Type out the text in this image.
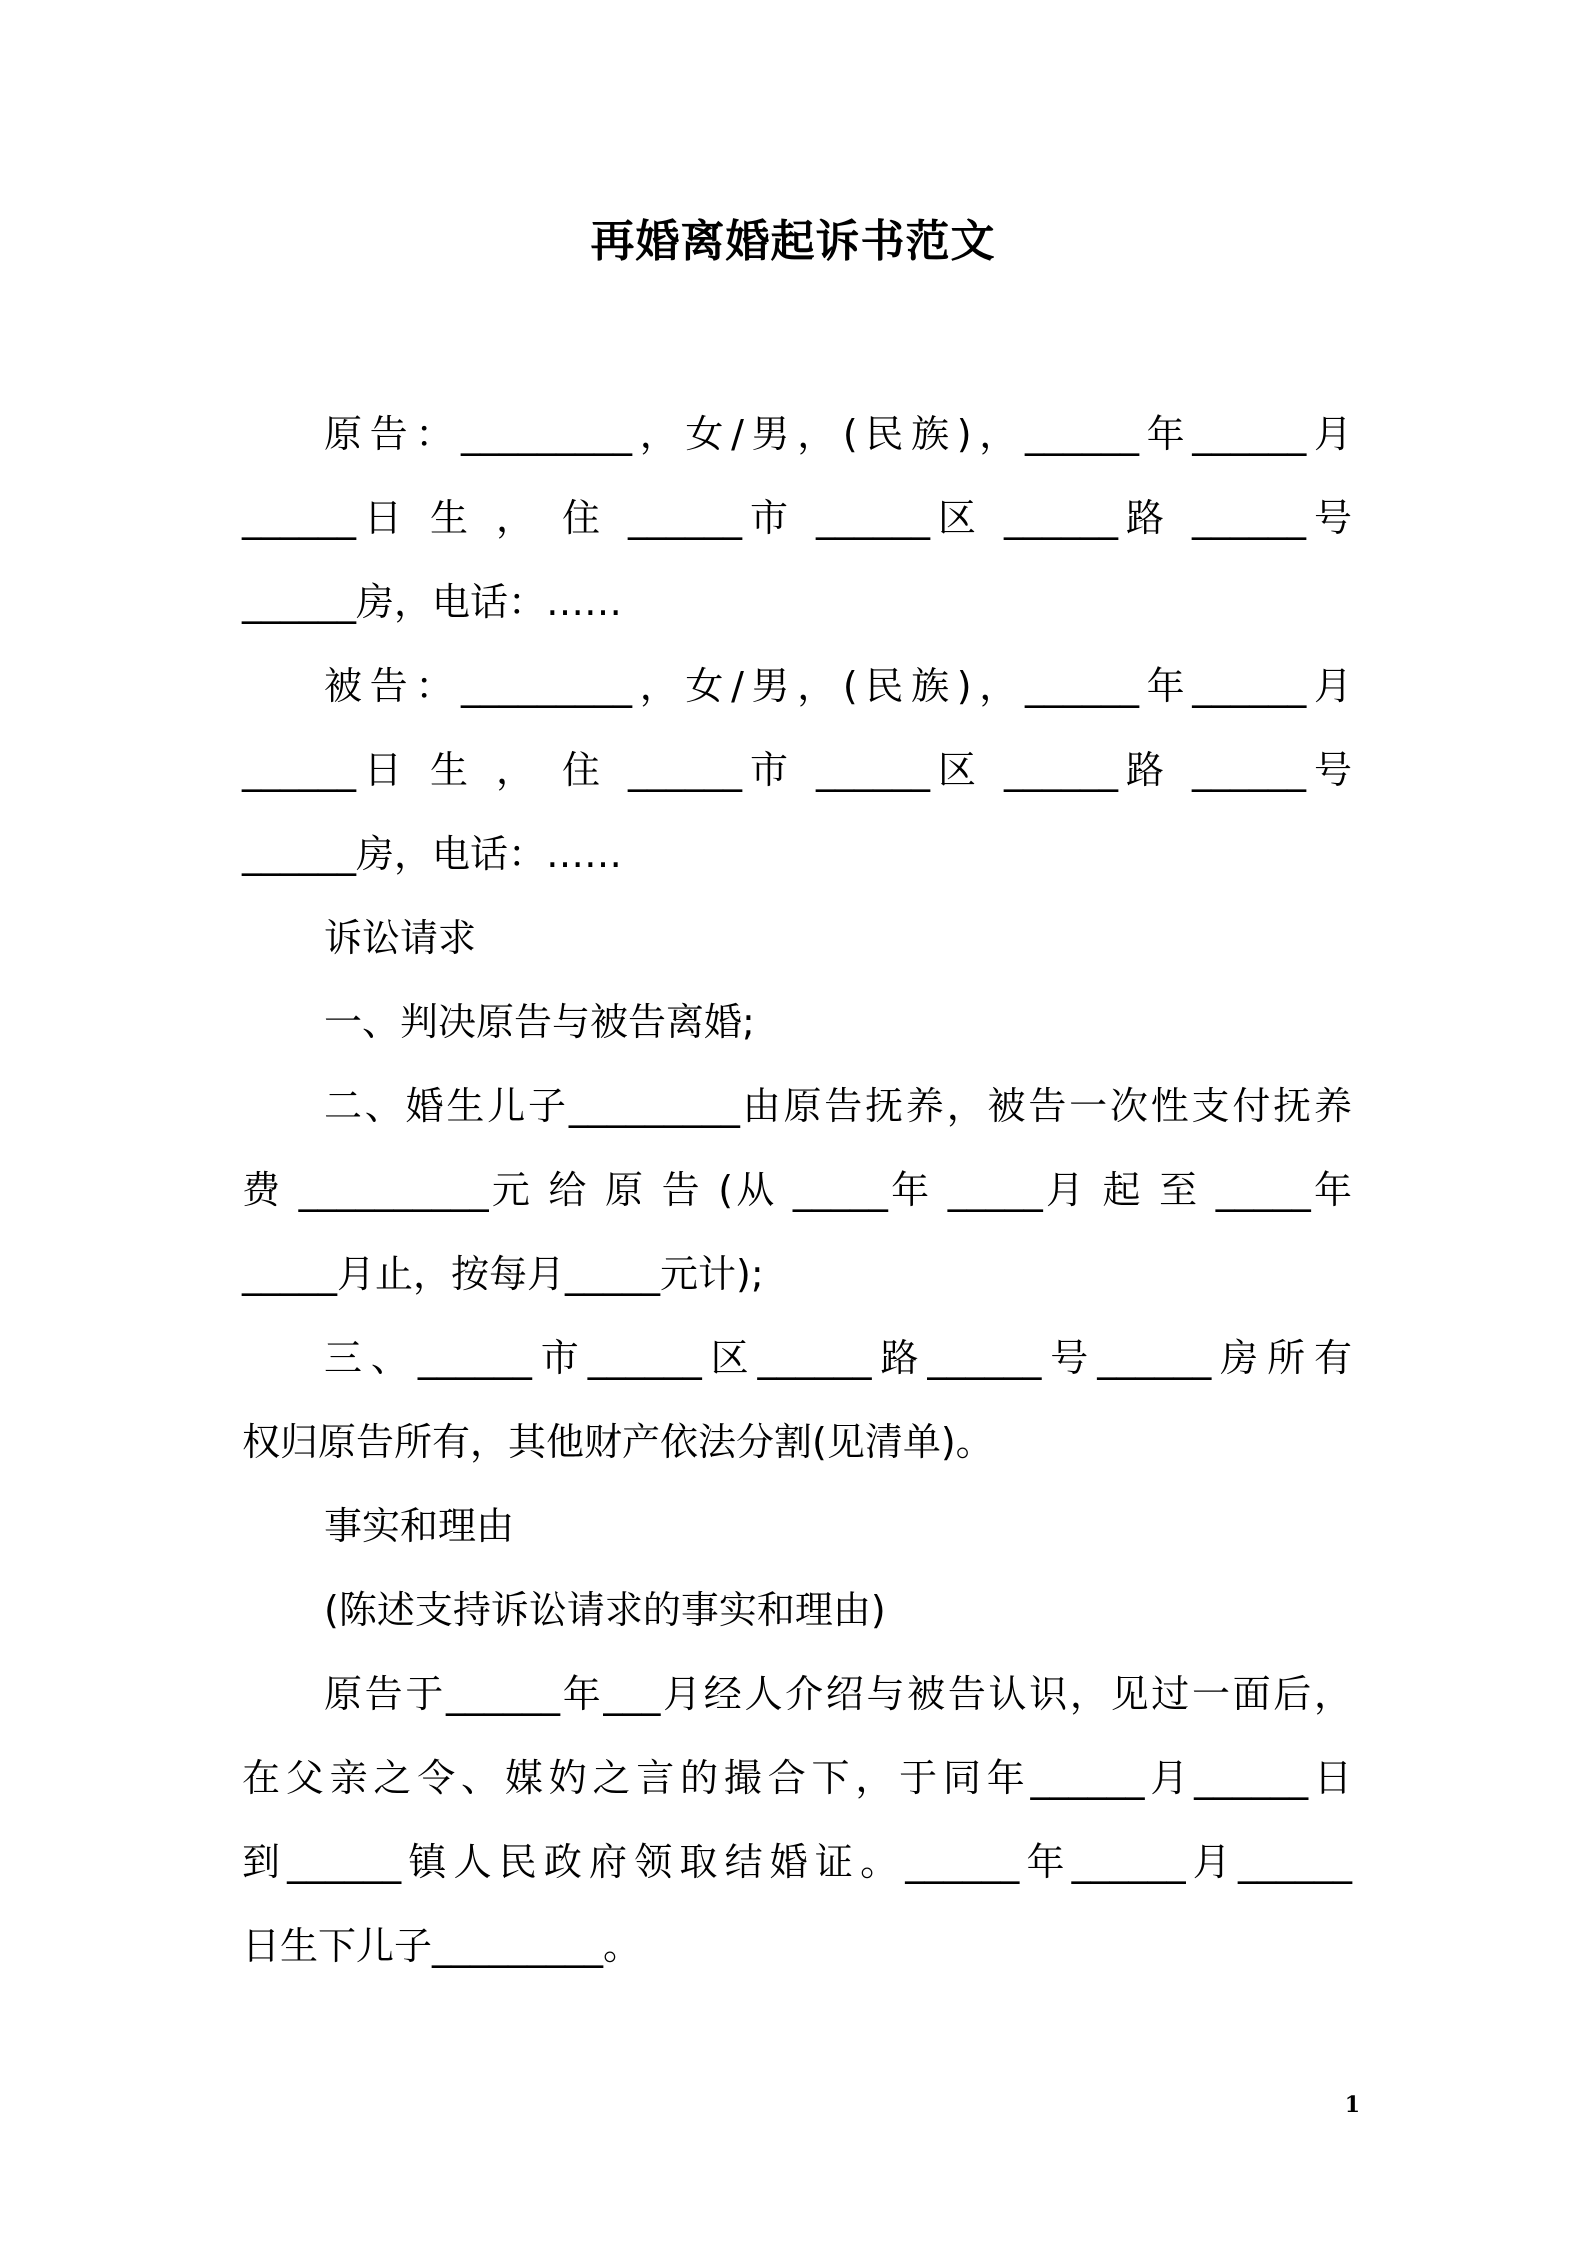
再婚离婚起诉书范文
原告：_________，女/男，(民族)，______年______月
______日 生 ， 住 ______市 ______区 ______路 ______号
______房，电话：……
被告：_________，女/男，(民族)，______年______月
______日 生 ， 住 ______市 ______区 ______路 ______号
______房，电话：……
诉讼请求
一、判决原告与被告离婚;
二、婚生儿子_________由原告抚养，被告一次性支付抚养
费 __________元 给 原 告 (从 _____年 _____月 起 至 _____年
_____月止，按每月_____元计);
三、______市______区______路______号______房所有
权归原告所有，其他财产依法分割(见清单)。
事实和理由
(陈述支持诉讼请求的事实和理由)
原告于______年___月经人介绍与被告认识，见过一面后，
在父亲之令、媒妁之言的撮合下，于同年______月______日
到______镇人民政府领取结婚证。______年______月______
日生下儿子_________。
1
